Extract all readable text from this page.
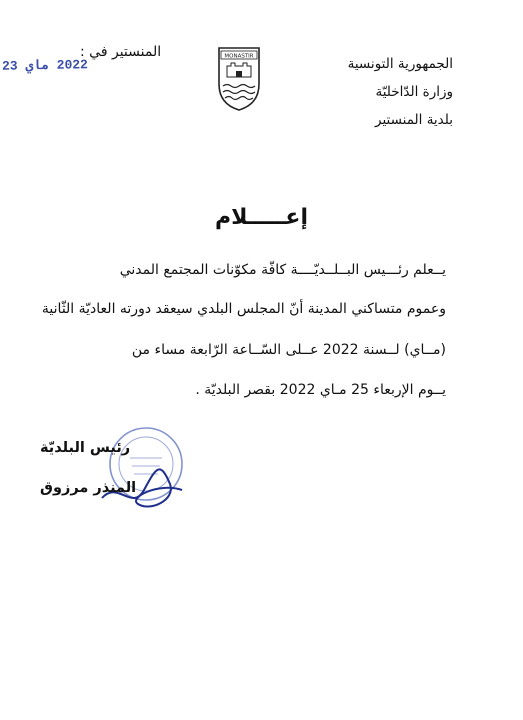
الجمهورية التونسية
وزارة الدّاخليّة
بلدية المنستير
MONASTIR
المنستير في :
2022 ماي 23
إعـــــلام
يــعلم رئـــيس البــلــديّــــة كافّة مكوّنات المجتمع المدني
وعموم متساكني المدينة أنّ المجلس البلدي سيعقد دورته العاديّة الثّانية
(مــاي) لــسنة 2022 عــلى السّــاعة الرّابعة مساء من
يــوم الإربعاء 25 مـاي 2022 بقصر البلديّة .
رئيس البلديّة
المنذر مرزوق
